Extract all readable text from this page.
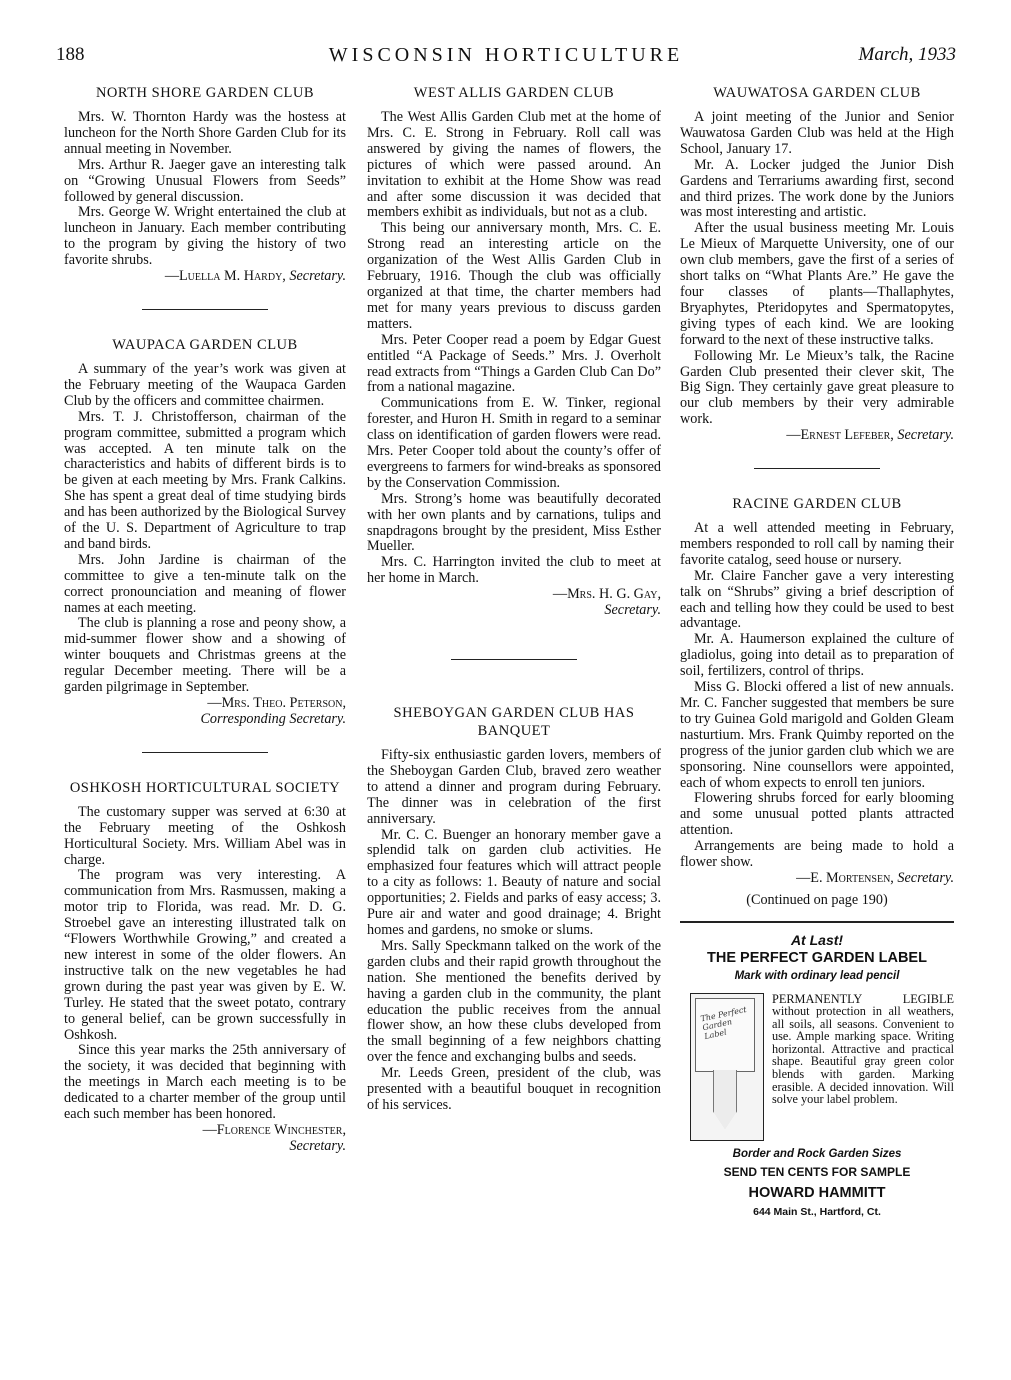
188	WISCONSIN HORTICULTURE	March, 1933
NORTH SHORE GARDEN CLUB

Mrs. W. Thornton Hardy was the hostess at luncheon for the North Shore Garden Club for its annual meeting in November.

Mrs. Arthur R. Jaeger gave an interesting talk on “Growing Unusual Flowers from Seeds” followed by general discussion.

Mrs. George W. Wright entertained the club at luncheon in January. Each member contributing to the program by giving the history of two favorite shrubs.

—Luella M. Hardy, Secretary.

WAUPACA GARDEN CLUB

A summary of the year’s work was given at the February meeting of the Waupaca Garden Club by the officers and committee chairmen.

Mrs. T. J. Christofferson, chairman of the program committee, submitted a program which was accepted. A ten minute talk on the characteristics and habits of different birds is to be given at each meeting by Mrs. Frank Calkins. She has spent a great deal of time studying birds and has been authorized by the Biological Survey of the U. S. Department of Agriculture to trap and band birds.

Mrs. John Jardine is chairman of the committee to give a ten-minute talk on the correct pronounciation and meaning of flower names at each meeting.

The club is planning a rose and peony show, a mid-summer flower show and a showing of winter bouquets and Christmas greens at the regular December meeting. There will be a garden pilgrimage in September.

—Mrs. Theo. Peterson,

Corresponding Secretary.

OSHKOSH HORTICULTURAL SOCIETY

The customary supper was served at 6:30 at the February meeting of the Oshkosh Horticultural Society. Mrs. William Abel was in charge.

The program was very interesting. A communication from Mrs. Rasmussen, making a motor trip to Florida, was read. Mr. D. G. Stroebel gave an interesting illustrated talk on “Flowers Worthwhile Growing,” and created a new interest in some of the older flowers. An instructive talk on the new vegetables he had grown during the past year was given by E. W. Turley. He stated that the sweet potato, contrary to general belief, can be grown successfully in Oshkosh.

Since this year marks the 25th anniversary of the society, it was decided that beginning with the meetings in March each meeting is to be dedicated to a charter member of the group until each such member has been honored.

—Florence Winchester,

Secretary.

WEST ALLIS GARDEN CLUB

The West Allis Garden Club met at the home of Mrs. C. E. Strong in February. Roll call was answered by giving the names of flowers, the pictures of which were passed around. An invitation to exhibit at the Home Show was read and after some discussion it was decided that members exhibit as individuals, but not as a club.

This being our anniversary month, Mrs. C. E. Strong read an interesting article on the organization of the West Allis Garden Club in February, 1916. Though the club was officially organized at that time, the charter members had met for many years previous to discuss garden matters.

Mrs. Peter Cooper read a poem by Edgar Guest entitled “A Package of Seeds.” Mrs. J. Overholt read extracts from “Things a Garden Club Can Do” from a national magazine.

Communications from E. W. Tinker, regional forester, and Huron H. Smith in regard to a seminar class on identification of garden flowers were read. Mrs. Peter Cooper told about the county’s offer of evergreens to farmers for wind-breaks as sponsored by the Conservation Commission.

Mrs. Strong’s home was beautifully decorated with her own plants and by carnations, tulips and snapdragons brought by the president, Miss Esther Mueller.

Mrs. C. Harrington invited the club to meet at her home in March.

—Mrs. H. G. Gay,

Secretary.

SHEBOYGAN GARDEN CLUB HAS BANQUET

Fifty-six enthusiastic garden lovers, members of the Sheboygan Garden Club, braved zero weather to attend a dinner and program during February. The dinner was in celebration of the first anniversary.

Mr. C. C. Buenger an honorary member gave a splendid talk on garden club activities. He emphasized four features which will attract people to a city as follows: 1. Beauty of nature and social opportunities; 2. Fields and parks of easy access; 3. Pure air and water and good drainage; 4. Bright homes and gardens, no smoke or slums.

Mrs. Sally Speckmann talked on the work of the garden clubs and their rapid growth throughout the nation. She mentioned the benefits derived by having a garden club in the community, the plant education the public receives from the annual flower show, an how these clubs developed from the small beginning of a few neighbors chatting over the fence and exchanging bulbs and seeds.

Mr. Leeds Green, president of the club, was presented with a beautiful bouquet in recognition of his services.

WAUWATOSA GARDEN CLUB

A joint meeting of the Junior and Senior Wauwatosa Garden Club was held at the High School, January 17.

Mr. A. Locker judged the Junior Dish Gardens and Terrariums awarding first, second and third prizes. The work done by the Juniors was most interesting and artistic.

After the usual business meeting Mr. Louis Le Mieux of Marquette University, one of our own club members, gave the first of a series of short talks on “What Plants Are.” He gave the four classes of plants—Thallaphytes, Bryaphytes, Pteridopytes and Spermatopytes, giving types of each kind. We are looking forward to the next of these instructive talks.

Following Mr. Le Mieux’s talk, the Racine Garden Club presented their clever skit, The Big Sign. They certainly gave great pleasure to our club members by their very admirable work.

—Ernest Lefeber, Secretary.

RACINE GARDEN CLUB

At a well attended meeting in February, members responded to roll call by naming their favorite catalog, seed house or nursery.

Mr. Claire Fancher gave a very interesting talk on “Shrubs” giving a brief description of each and telling how they could be used to best advantage.

Mr. A. Haumerson explained the culture of gladiolus, going into detail as to preparation of soil, fertilizers, control of thrips.

Miss G. Blocki offered a list of new annuals. Mr. C. Fancher suggested that members be sure to try Guinea Gold marigold and Golden Gleam nasturtium. Mrs. Frank Quimby reported on the progress of the junior garden club which we are sponsoring. Nine counsellors were appointed, each of whom expects to enroll ten juniors.

Flowering shrubs forced for early blooming and some unusual potted plants attracted attention.

Arrangements are being made to hold a flower show.

—E. Mortensen, Secretary.

(Continued on page 190)
At Last!
THE PERFECT GARDEN LABEL
Mark with ordinary lead pencil
The Perfect Garden Label
PERMANENTLY LEGIBLE without protection in all weathers, all soils, all seasons. Convenient to use. Ample marking space. Writing horizontal. Attractive and practical shape. Beautiful gray green color blends with garden. Marking erasible. A decided innovation. Will solve your label problem.
Border and Rock Garden Sizes
SEND TEN CENTS FOR SAMPLE
HOWARD HAMMITT
644 Main St., Hartford, Ct.
